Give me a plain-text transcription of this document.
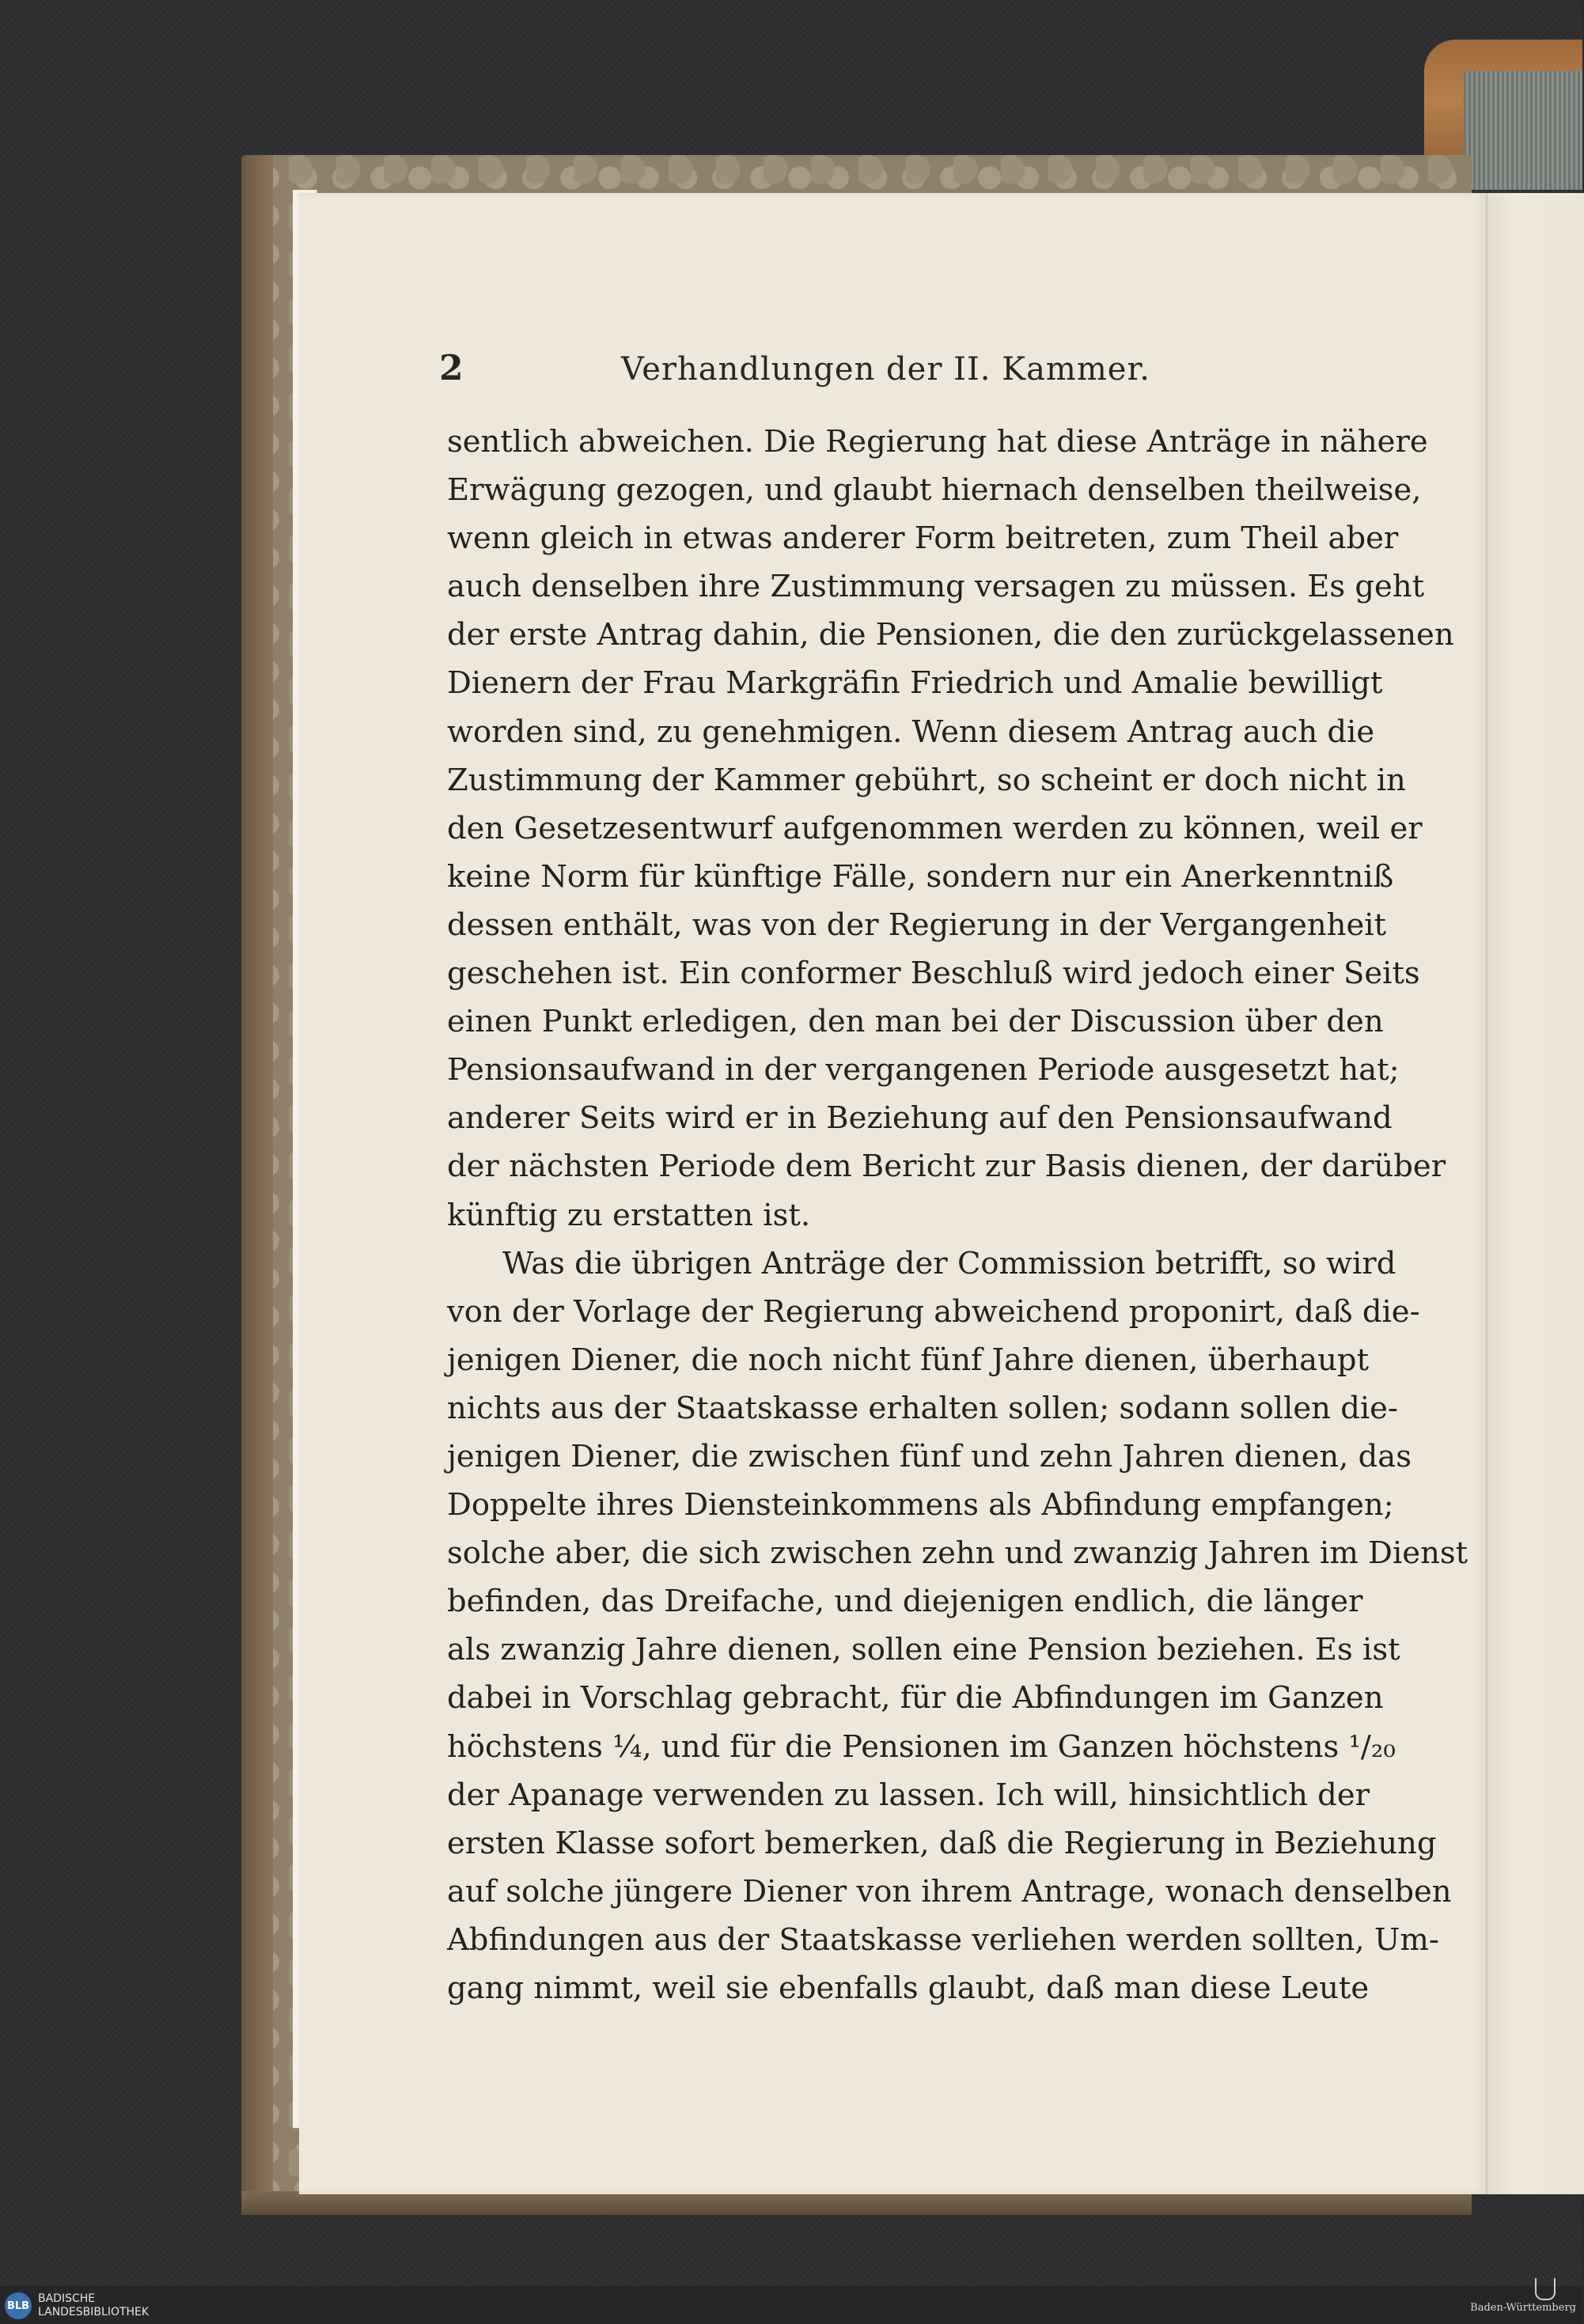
2	Verhandlungen der II. Kammer.
sentlich abweichen. Die Regierung hat diese Anträge in nähere
Erwägung gezogen, und glaubt hiernach denselben theilweise,
wenn gleich in etwas anderer Form beitreten, zum Theil aber
auch denselben ihre Zustimmung versagen zu müssen. Es geht
der erste Antrag dahin, die Pensionen, die den zurückgelassenen
Dienern der Frau Markgräfin Friedrich und Amalie bewilligt
worden sind, zu genehmigen. Wenn diesem Antrag auch die
Zustimmung der Kammer gebührt, so scheint er doch nicht in
den Gesetzesentwurf aufgenommen werden zu können, weil er
keine Norm für künftige Fälle, sondern nur ein Anerkenntniß
dessen enthält, was von der Regierung in der Vergangenheit
geschehen ist. Ein conformer Beschluß wird jedoch einer Seits
einen Punkt erledigen, den man bei der Discussion über den
Pensionsaufwand in der vergangenen Periode ausgesetzt hat;
anderer Seits wird er in Beziehung auf den Pensionsaufwand
der nächsten Periode dem Bericht zur Basis dienen, der darüber
künftig zu erstatten ist.
Was die übrigen Anträge der Commission betrifft, so wird
von der Vorlage der Regierung abweichend proponirt, daß die-
jenigen Diener, die noch nicht fünf Jahre dienen, überhaupt
nichts aus der Staatskasse erhalten sollen; sodann sollen die-
jenigen Diener, die zwischen fünf und zehn Jahren dienen, das
Doppelte ihres Diensteinkommens als Abfindung empfangen;
solche aber, die sich zwischen zehn und zwanzig Jahren im Dienst
befinden, das Dreifache, und diejenigen endlich, die länger
als zwanzig Jahre dienen, sollen eine Pension beziehen. Es ist
dabei in Vorschlag gebracht, für die Abfindungen im Ganzen
höchstens ¼, und für die Pensionen im Ganzen höchstens ¹/₂₀
der Apanage verwenden zu lassen. Ich will, hinsichtlich der
ersten Klasse sofort bemerken, daß die Regierung in Beziehung
auf solche jüngere Diener von ihrem Antrage, wonach denselben
Abfindungen aus der Staatskasse verliehen werden sollten, Um-
gang nimmt, weil sie ebenfalls glaubt, daß man diese Leute
BLB
BADISCHE
LANDESBIBLIOTHEK	Baden-Württemberg
